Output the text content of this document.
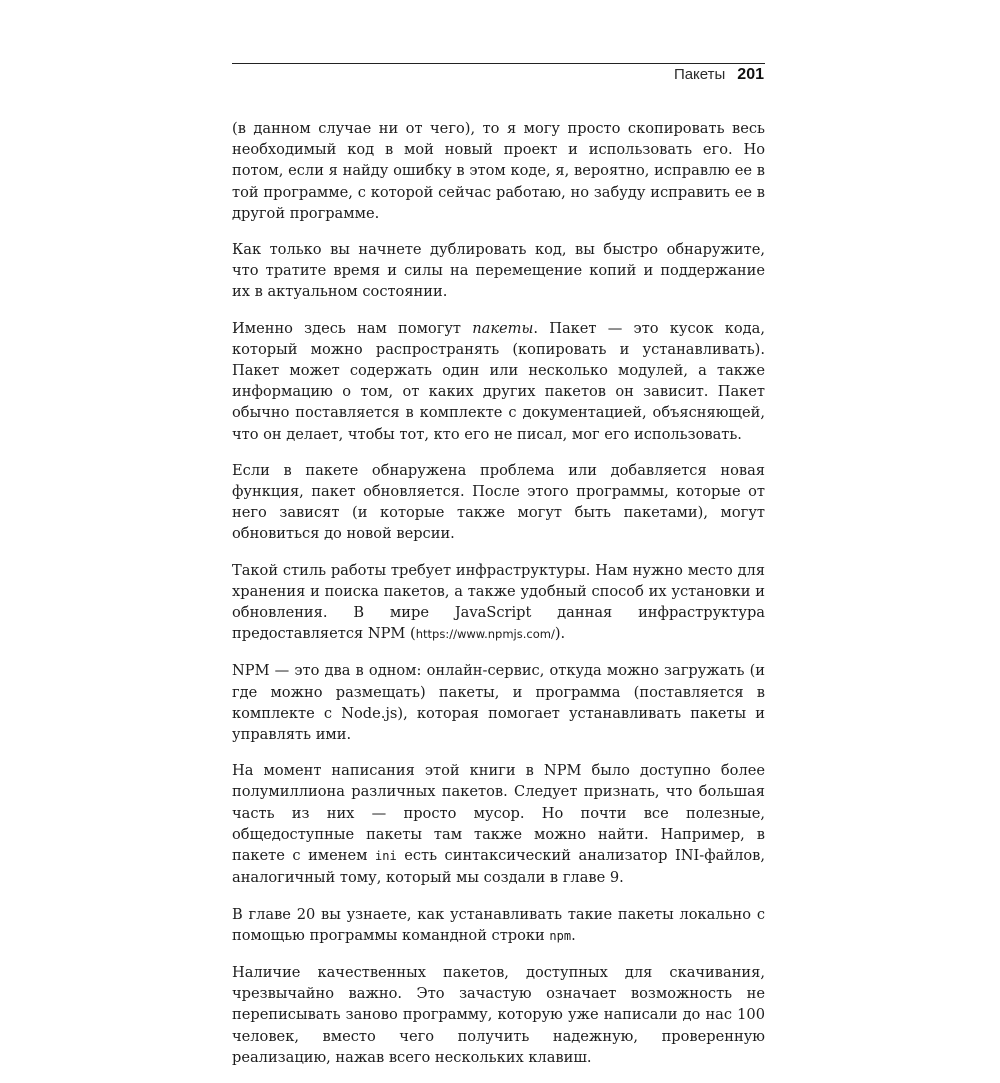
Пакеты 201

(в данном случае ни от чего), то я могу просто скопировать весь необходимый код в мой новый проект и использовать его. Но потом, если я найду ошибку в этом коде, я, вероятно, исправлю ее в той программе, с которой сейчас работаю, но забуду исправить ее в другой программе.

Как только вы начнете дублировать код, вы быстро обнаружите, что тратите время и силы на перемещение копий и поддержание их в актуальном состоянии.

Именно здесь нам помогут пакеты. Пакет — это кусок кода, который можно распространять (копировать и устанавливать). Пакет может содержать один или несколько модулей, а также информацию о том, от каких других пакетов он зависит. Пакет обычно поставляется в комплекте с документацией, объясняющей, что он делает, чтобы тот, кто его не писал, мог его использовать.

Если в пакете обнаружена проблема или добавляется новая функция, пакет обновляется. После этого программы, которые от него зависят (и которые также могут быть пакетами), могут обновиться до новой версии.

Такой стиль работы требует инфраструктуры. Нам нужно место для хранения и поиска пакетов, а также удобный способ их установки и обновления. В мире JavaScript данная инфраструктура предоставляется NPM (https://www.npmjs.com/).

NPM — это два в одном: онлайн-сервис, откуда можно загружать (и где можно размещать) пакеты, и программа (поставляется в комплекте с Node.js), которая помогает устанавливать пакеты и управлять ими.

На момент написания этой книги в NPM было доступно более полумиллиона различных пакетов. Следует признать, что большая часть из них — просто мусор. Но почти все полезные, общедоступные пакеты там также можно найти. Например, в пакете с именем ini есть синтаксический анализатор INI-файлов, аналогичный тому, который мы создали в главе 9.

В главе 20 вы узнаете, как устанавливать такие пакеты локально с помощью программы командной строки npm.

Наличие качественных пакетов, доступных для скачивания, чрезвычайно важно. Это зачастую означает возможность не переписывать заново программу, которую уже написали до нас 100 человек, вместо чего получить надежную, проверенную реализацию, нажав всего нескольких клавиш.
